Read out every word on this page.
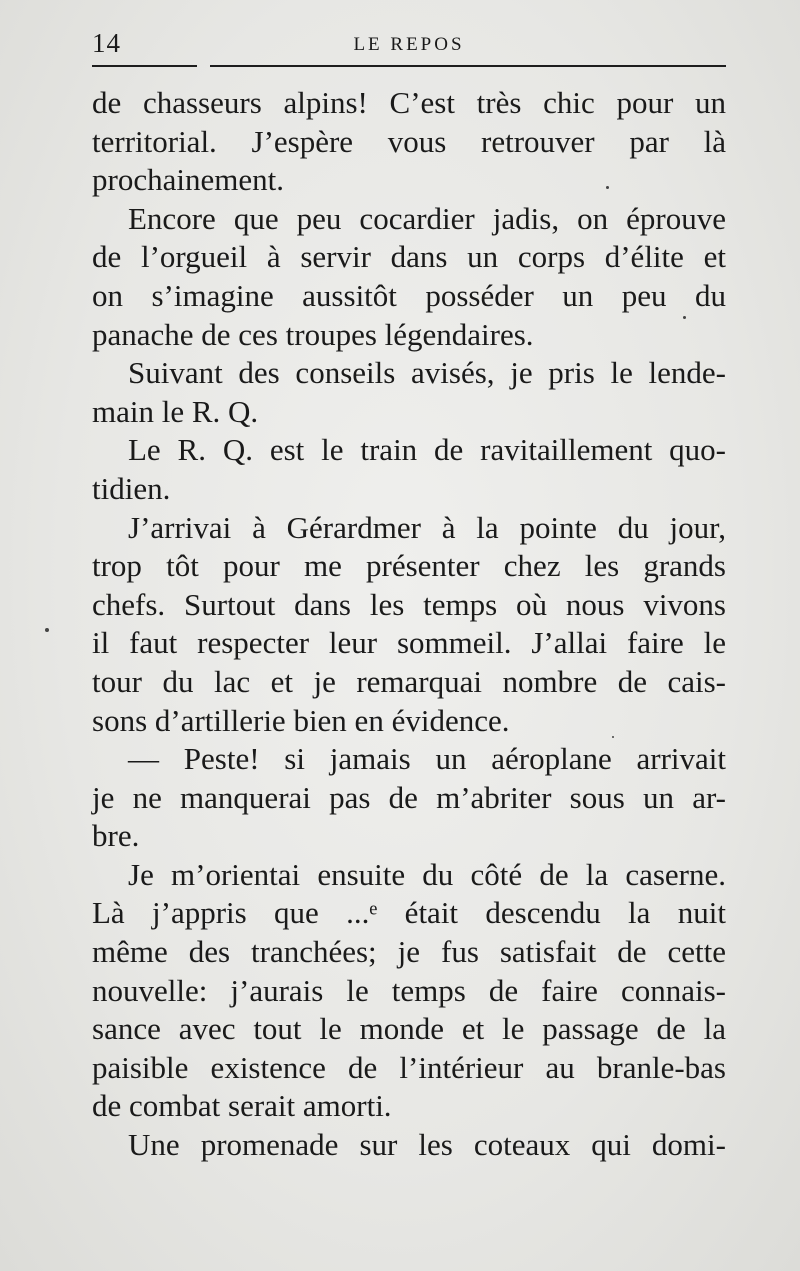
14	LE REPOS
de chasseurs alpins! C’est très chic pour un
territorial. J’espère vous retrouver par là
prochainement.
Encore que peu cocardier jadis, on éprouve
de l’orgueil à servir dans un corps d’élite et
on s’imagine aussitôt posséder un peu du
panache de ces troupes légendaires.
Suivant des conseils avisés, je pris le lende-
main le R. Q.
Le R. Q. est le train de ravitaillement quo-
tidien.
J’arrivai à Gérardmer à la pointe du jour,
trop tôt pour me présenter chez les grands
chefs. Surtout dans les temps où nous vivons
il faut respecter leur sommeil. J’allai faire le
tour du lac et je remarquai nombre de cais-
sons d’artillerie bien en évidence.
— Peste! si jamais un aéroplane arrivait
je ne manquerai pas de m’abriter sous un ar-
bre.
Je m’orientai ensuite du côté de la caserne.
Là j’appris que ...ᵉ était descendu la nuit
même des tranchées; je fus satisfait de cette
nouvelle: j’aurais le temps de faire connais-
sance avec tout le monde et le passage de la
paisible existence de l’intérieur au branle-bas
de combat serait amorti.
Une promenade sur les coteaux qui domi-
